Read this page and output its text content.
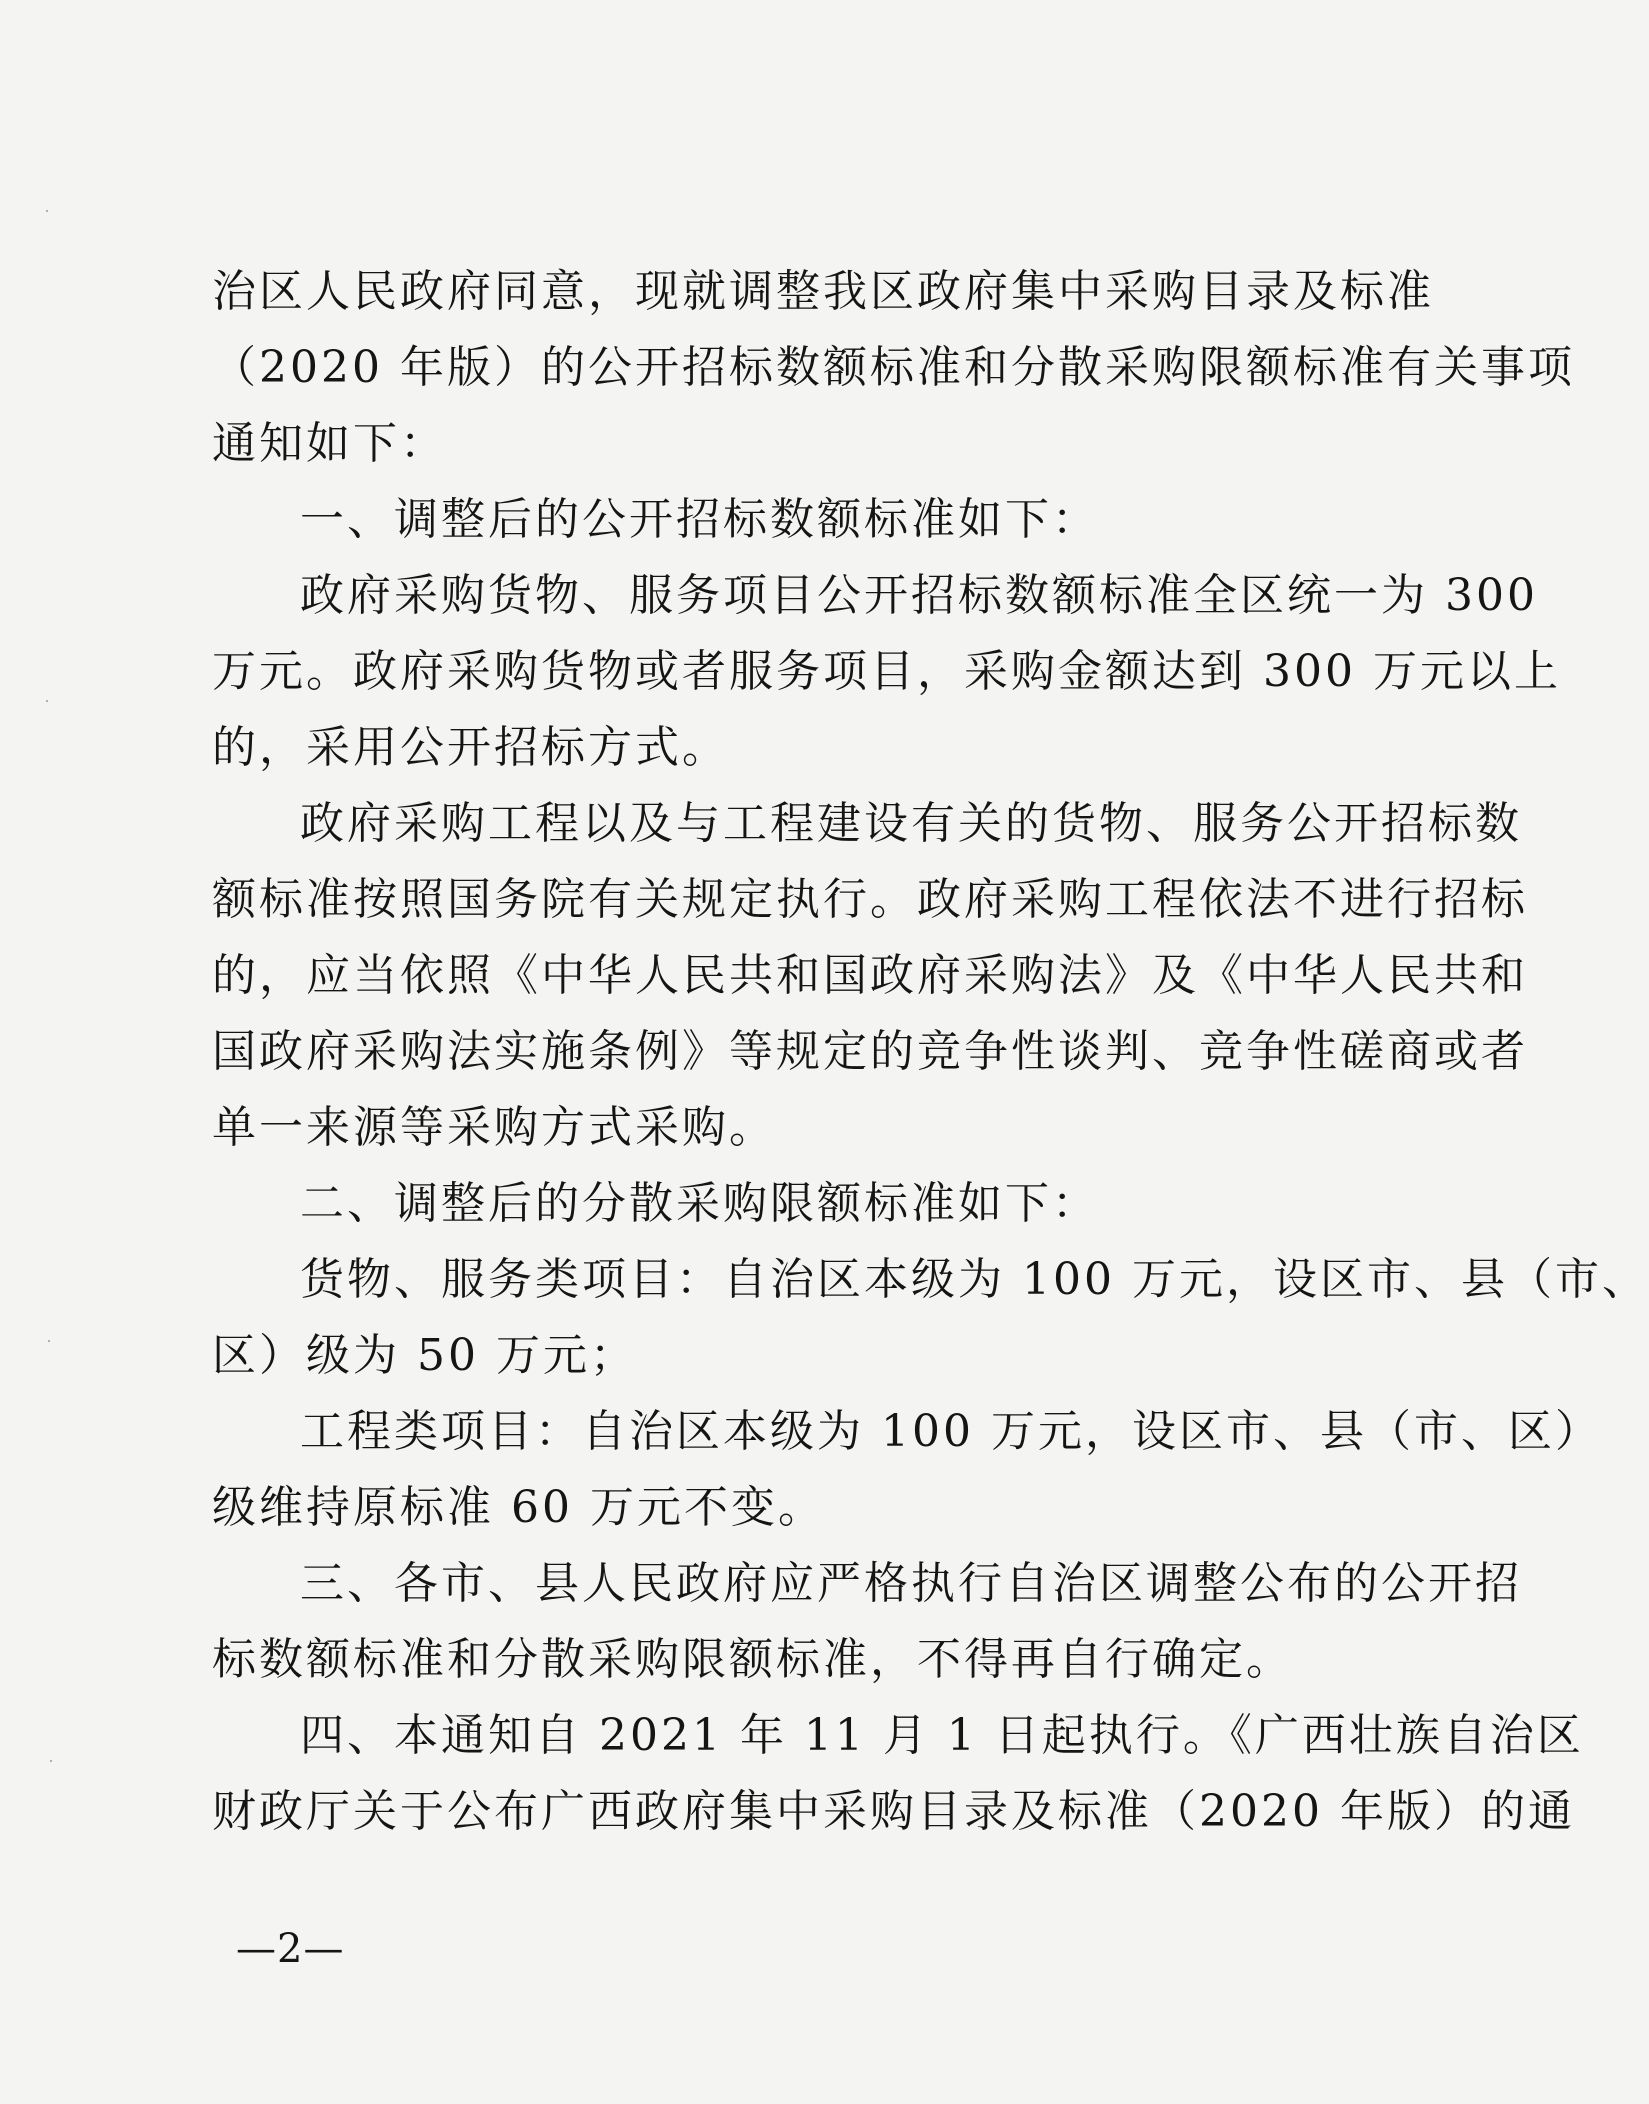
治区人民政府同意，现就调整我区政府集中采购目录及标准
（2020 年版）的公开招标数额标准和分散采购限额标准有关事项
通知如下：
一、调整后的公开招标数额标准如下：
政府采购货物、服务项目公开招标数额标准全区统一为 300
万元。政府采购货物或者服务项目，采购金额达到 300 万元以上
的，采用公开招标方式。
政府采购工程以及与工程建设有关的货物、服务公开招标数
额标准按照国务院有关规定执行。政府采购工程依法不进行招标
的，应当依照《中华人民共和国政府采购法》及《中华人民共和
国政府采购法实施条例》等规定的竞争性谈判、竞争性磋商或者
单一来源等采购方式采购。
二、调整后的分散采购限额标准如下：
货物、服务类项目：自治区本级为 100 万元，设区市、县（市、
区）级为 50 万元；
工程类项目：自治区本级为 100 万元，设区市、县（市、区）
级维持原标准 60 万元不变。
三、各市、县人民政府应严格执行自治区调整公布的公开招
标数额标准和分散采购限额标准，不得再自行确定。
四、本通知自 2021 年 11 月 1 日起执行。《广西壮族自治区
财政厅关于公布广西政府集中采购目录及标准（2020 年版）的通
—2—
